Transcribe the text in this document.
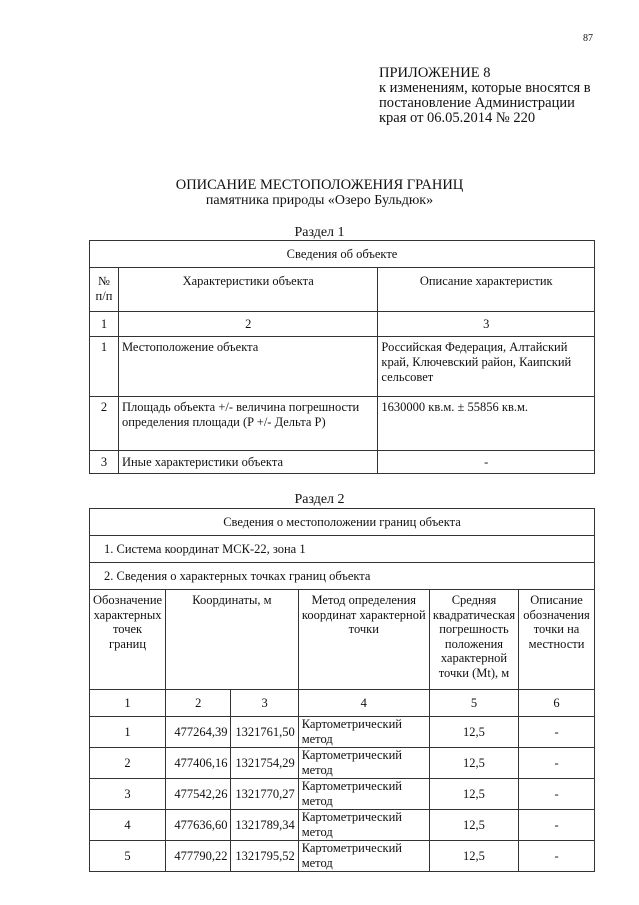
87
ПРИЛОЖЕНИЕ 8
к изменениям, которые вносятся в
постановление Администрации
края от 06.05.2014 № 220
ОПИСАНИЕ МЕСТОПОЛОЖЕНИЯ ГРАНИЦ
памятника природы «Озеро Бульдюк»
Раздел 1
Сведения об объекте		
№ п/п	Характеристики объекта	Описание характеристик
1	2	3
1	Местоположение объекта	Российская Федерация, Алтайский край, Ключевский район, Каипский сельсовет
2	Площадь объекта +/- величина погрешности определения площади (P +/- Дельта P)	1630000 кв.м. ± 55856 кв.м.
3	Иные характеристики объекта	-
Раздел 2
Сведения о местоположении границ объекта					
1. Система координат МСК-22, зона 1					
2. Сведения о характерных точках границ объекта					
Обозначение характерных точек границ	Координаты, м		Метод определения координат характерной точки	Средняя квадратическая погрешность положения характерной точки (Mt), м	Описание обозначения точки на местности
1	2	3	4	5	6
1	477264,39	1321761,50	Картометрический метод	12,5	-
2	477406,16	1321754,29	Картометрический метод	12,5	-
3	477542,26	1321770,27	Картометрический метод	12,5	-
4	477636,60	1321789,34	Картометрический метод	12,5	-
5	477790,22	1321795,52	Картометрический метод	12,5	-
